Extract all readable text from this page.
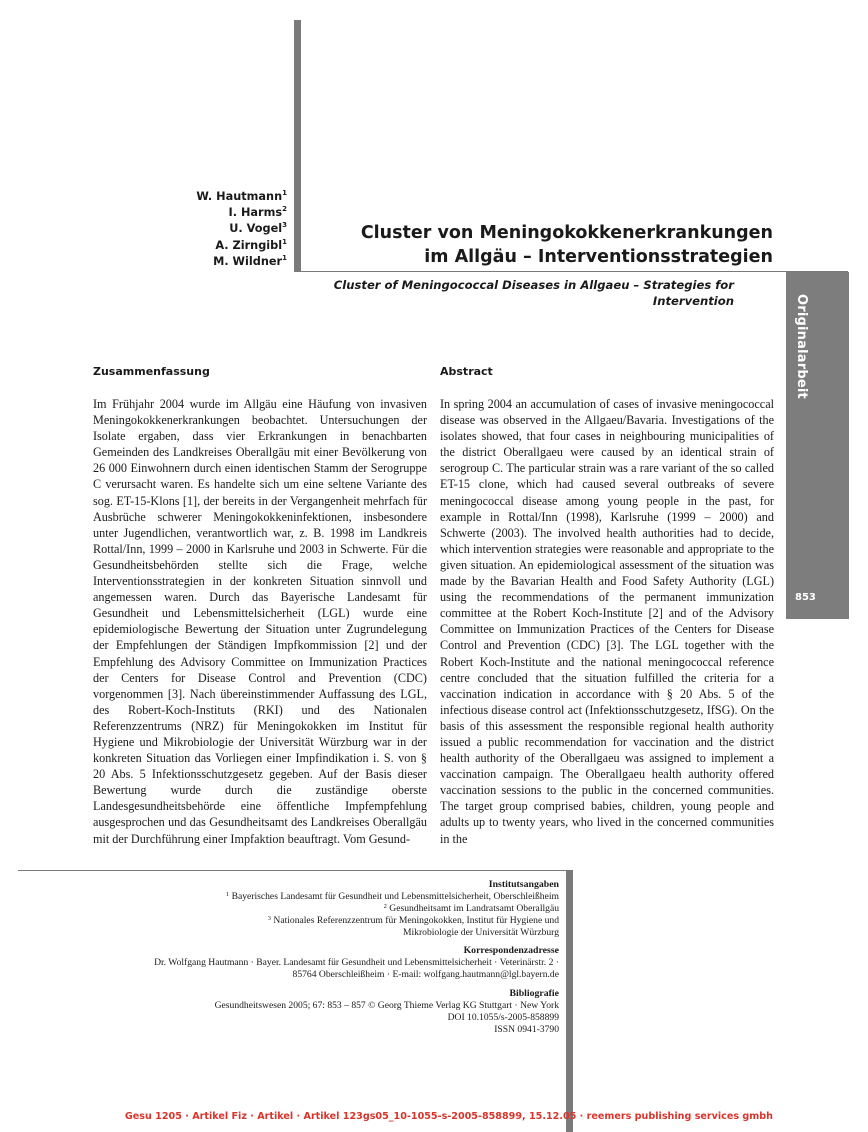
Originalarbeit
853
W. Hautmann$^1$
I. Harms$^2$
U. Vogel$^3$
A. Zirngibl$^1$
M. Wildner$^1$
Cluster von Meningokokkenerkrankungen
im Allgäu – Interventionsstrategien
Cluster of Meningococcal Diseases in Allgaeu – Strategies for Intervention
Zusammenfassung

Im Frühjahr 2004 wurde im Allgäu eine Häufung von invasiven Meningokokkenerkrankungen beobachtet. Untersuchungen der Isolate ergaben, dass vier Erkrankungen in benachbarten Gemeinden des Landkreises Oberallgäu mit einer Bevölkerung von 26 000 Einwohnern durch einen identischen Stamm der Serogruppe C verursacht waren. Es handelte sich um eine seltene Variante des sog. ET-15-Klons [1], der bereits in der Vergangenheit mehrfach für Ausbrüche schwerer Meningokokkeninfektionen, insbesondere unter Jugendlichen, verantwortlich war, z. B. 1998 im Landkreis Rottal/Inn, 1999 – 2000 in Karlsruhe und 2003 in Schwerte. Für die Gesundheitsbehörden stellte sich die Frage, welche Interventionsstrategien in der konkreten Situation sinnvoll und angemessen waren. Durch das Bayerische Landesamt für Gesundheit und Lebensmittelsicherheit (LGL) wurde eine epidemiologische Bewertung der Situation unter Zugrundelegung der Empfehlungen der Ständigen Impfkommission [2] und der Empfehlung des Advisory Committee on Immunization Practices der Centers for Disease Control and Prevention (CDC) vorgenommen [3]. Nach übereinstimmender Auffassung des LGL, des Robert-Koch-Instituts (RKI) und des Nationalen Referenzzentrums (NRZ) für Meningokokken im Institut für Hygiene und Mikrobiologie der Universität Würzburg war in der konkreten Situation das Vorliegen einer Impfindikation i. S. von § 20 Abs. 5 Infektionsschutzgesetz gegeben. Auf der Basis dieser Bewertung wurde durch die zuständige oberste Landesgesundheitsbehörde eine öffentliche Impfempfehlung ausgesprochen und das Gesundheitsamt des Landkreises Oberallgäu mit der Durchführung einer Impfaktion beauftragt. Vom Gesund-

Abstract

In spring 2004 an accumulation of cases of invasive meningococcal disease was observed in the Allgaeu/Bavaria. Investigations of the isolates showed, that four cases in neighbouring municipalities of the district Oberallgaeu were caused by an identical strain of serogroup C. The particular strain was a rare variant of the so called ET-15 clone, which had caused several outbreaks of severe meningococcal disease among young people in the past, for example in Rottal/Inn (1998), Karlsruhe (1999 – 2000) and Schwerte (2003). The involved health authorities had to decide, which intervention strategies were reasonable and appropriate to the given situation. An epidemiological assessment of the situation was made by the Bavarian Health and Food Safety Authority (LGL) using the recommendations of the permanent immunization committee at the Robert Koch-Institute [2] and of the Advisory Committee on Immunization Practices of the Centers for Disease Control and Prevention (CDC) [3]. The LGL together with the Robert Koch-Institute and the national meningococcal reference centre concluded that the situation fulfilled the criteria for a vaccination indication in accordance with § 20 Abs. 5 of the infectious disease control act (Infektionsschutzgesetz, IfSG). On the basis of this assessment the responsible regional health authority issued a public recommendation for vaccination and the district health authority of the Oberallgaeu was assigned to implement a vaccination campaign. The Oberallgaeu health authority offered vaccination sessions to the public in the concerned communities. The target group comprised babies, children, young people and adults up to twenty years, who lived in the concerned communities in the

Institutsangaben
$^1$ Bayerisches Landesamt für Gesundheit und Lebensmittelsicherheit, Oberschleißheim
$^2$ Gesundheitsamt im Landratsamt Oberallgäu
$^3$ Nationales Referenzzentrum für Meningokokken, Institut für Hygiene und
Mikrobiologie der Universität Würzburg
Korrespondenzadresse
Dr. Wolfgang Hautmann · Bayer. Landesamt für Gesundheit und Lebensmittelsicherheit · Veterinärstr. 2 ·
85764 Oberschleißheim · E-mail: wolfgang.hautmann@lgl.bayern.de
Bibliografie
Gesundheitswesen 2005; 67: 853 – 857 © Georg Thieme Verlag KG Stuttgart · New York
DOI 10.1055/s-2005-858899
ISSN 0941-3790
Gesu 1205 · Artikel Fiz · Artikel · Artikel 123gs05_10-1055-s-2005-858899, 15.12.05 · reemers publishing services gmbh
